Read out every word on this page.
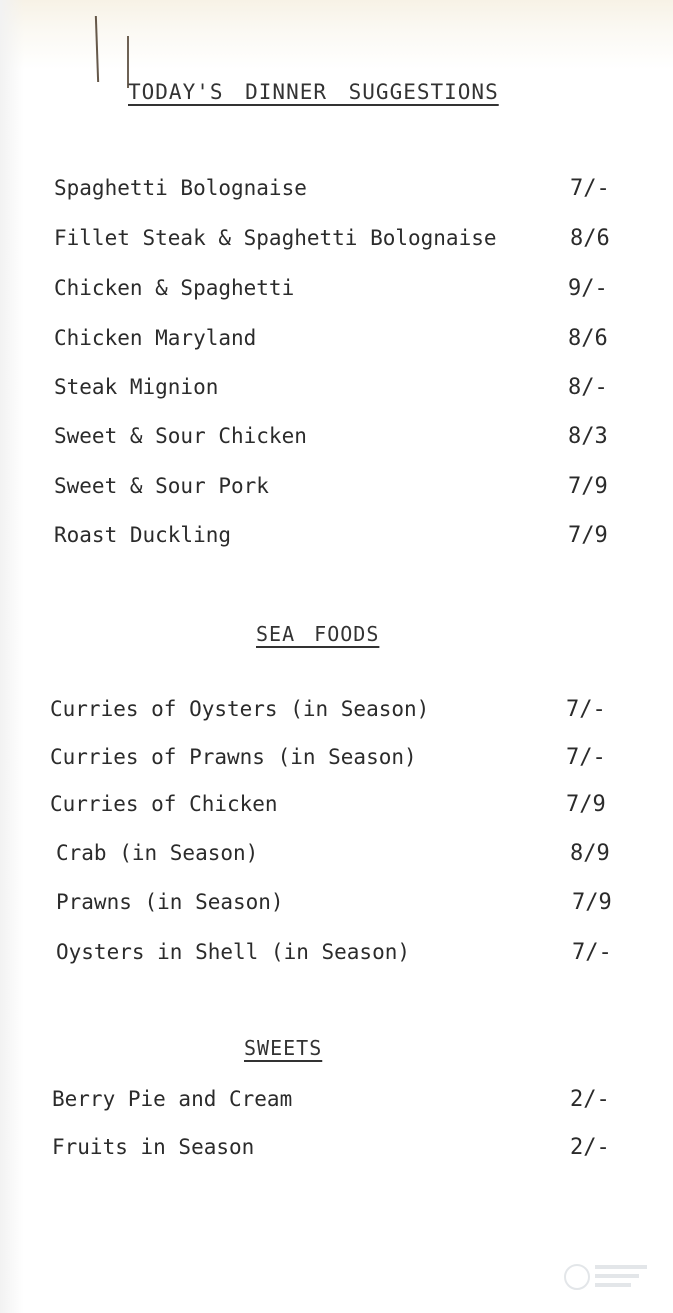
TODAY'S DINNER SUGGESTIONS
Spaghetti Bolognaise	7/-
Fillet Steak & Spaghetti Bolognaise	8/6
Chicken & Spaghetti	9/-
Chicken Maryland	8/6
Steak Mignion	8/-
Sweet & Sour Chicken	8/3
Sweet & Sour Pork	7/9
Roast Duckling	7/9
SEA FOODS
Curries of Oysters (in Season)	7/-
Curries of Prawns (in Season)	7/-
Curries of Chicken	7/9
Crab (in Season)	8/9
Prawns (in Season)	7/9
Oysters in Shell (in Season)	7/-
SWEETS
Berry Pie and Cream	2/-
Fruits in Season	2/-
